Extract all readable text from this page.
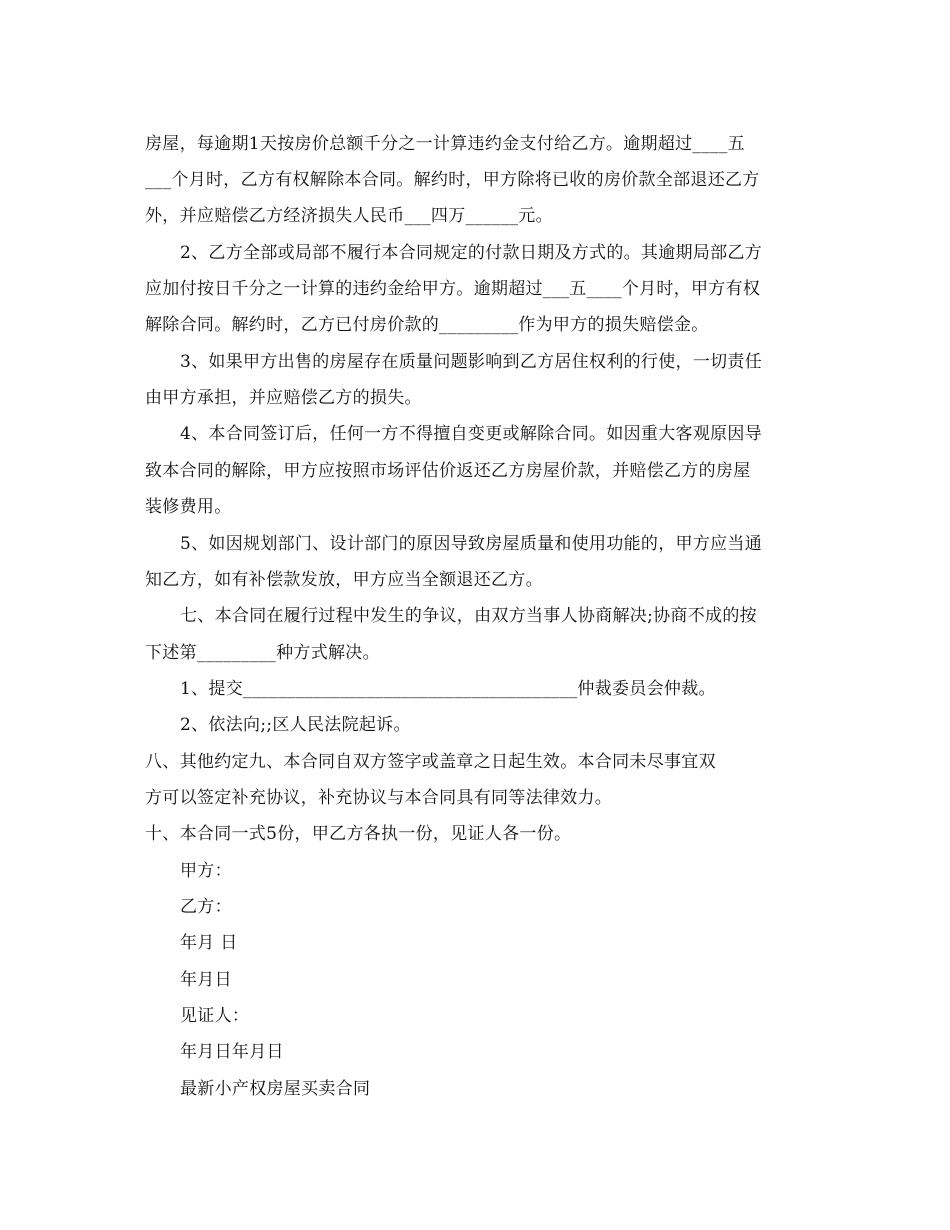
房屋，每逾期1天按房价总额千分之一计算违约金支付给乙方。逾期超过____五
___个月时，乙方有权解除本合同。解约时，甲方除将已收的房价款全部退还乙方
外，并应赔偿乙方经济损失人民币___四万______元。
2、乙方全部或局部不履行本合同规定的付款日期及方式的。其逾期局部乙方
应加付按日千分之一计算的违约金给甲方。逾期超过___五____个月时，甲方有权
解除合同。解约时，乙方已付房价款的_________作为甲方的损失赔偿金。
3、如果甲方出售的房屋存在质量问题影响到乙方居住权利的行使，一切责任
由甲方承担，并应赔偿乙方的损失。
4、本合同签订后，任何一方不得擅自变更或解除合同。如因重大客观原因导
致本合同的解除，甲方应按照市场评估价返还乙方房屋价款，并赔偿乙方的房屋
装修费用。
5、如因规划部门、设计部门的原因导致房屋质量和使用功能的，甲方应当通
知乙方，如有补偿款发放，甲方应当全额退还乙方。
七、本合同在履行过程中发生的争议，由双方当事人协商解决;协商不成的按
下述第_________种方式解决。
1、提交______________________________________仲裁委员会仲裁。
2、依法向;;区人民法院起诉。
八、其他约定九、本合同自双方签字或盖章之日起生效。本合同未尽事宜双
方可以签定补充协议，补充协议与本合同具有同等法律效力。
十、本合同一式5份，甲乙方各执一份，见证人各一份。
甲方：
乙方：
年月 日
年月日
见证人：
年月日年月日
最新小产权房屋买卖合同
